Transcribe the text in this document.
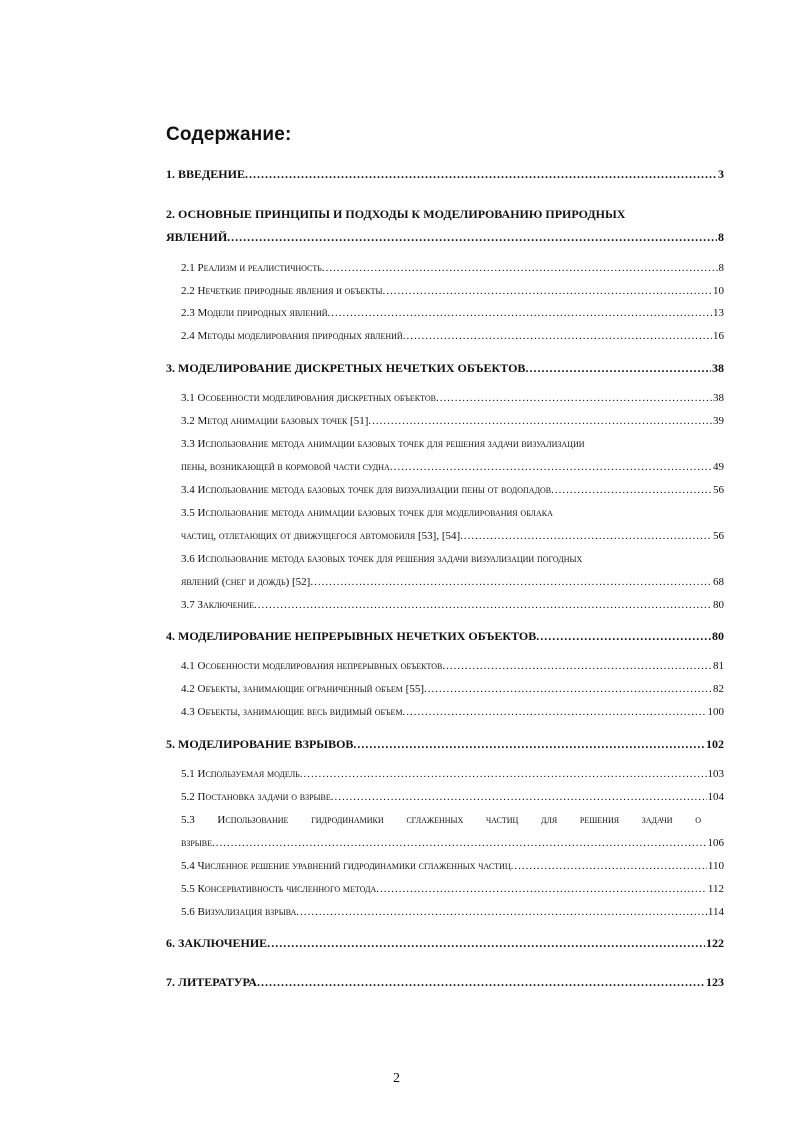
Содержание:
1. ВВЕДЕНИЕ .....	3
2. ОСНОВНЫЕ ПРИНЦИПЫ И ПОДХОДЫ К МОДЕЛИРОВАНИЮ ПРИРОДНЫХ
ЯВЛЕНИЙ .....	8
2.1 Реализм и реалистичность .....	8
2.2 Нечеткие природные явления и объекты .....	10
2.3 Модели природных явлений .....	13
2.4 Методы моделирования природных явлений .....	16
3. МОДЕЛИРОВАНИЕ ДИСКРЕТНЫХ НЕЧЕТКИХ ОБЪЕКТОВ .....	38
3.1 Особенности моделирования дискретных объектов .....	38
3.2 Метод анимации базовых точек [51] .....	39
3.3 Использование метода анимации базовых точек для решения задачи визуализации
пены, возникающей в кормовой части судна .....	49
3.4 Использование метода базовых точек для визуализации пены от водопадов .....	56
3.5 Использование метода анимации базовых точек для моделирования облака
частиц, отлетающих от движущегося автомобиля [53], [54] .....	56
3.6 Использование метода базовых точек для решения задачи визуализации погодных
явлений (снег и дождь) [52] .....	68
3.7 Заключение .....	80
4. МОДЕЛИРОВАНИЕ НЕПРЕРЫВНЫХ НЕЧЕТКИХ ОБЪЕКТОВ .....	80
4.1 Особенности моделирования непрерывных объектов .....	81
4.2 Объекты, занимающие ограниченный объем [55] .....	82
4.3 Объекты, занимающие весь видимый объем .....	100
5. МОДЕЛИРОВАНИЕ ВЗРЫВОВ .....	102
5.1 Используемая модель .....	103
5.2 Постановка задачи о взрыве .....	104
5.3 Использование гидродинамики сглаженных частиц для решения задачи о
взрыве .....	106
5.4 Численное решение уравнений гидродинамики сглаженных частиц .....	110
5.5 Консервативность численного метода .....	112
5.6 Визуализация взрыва .....	114
6. ЗАКЛЮЧЕНИЕ .....	122
7. ЛИТЕРАТУРА .....	123
2
